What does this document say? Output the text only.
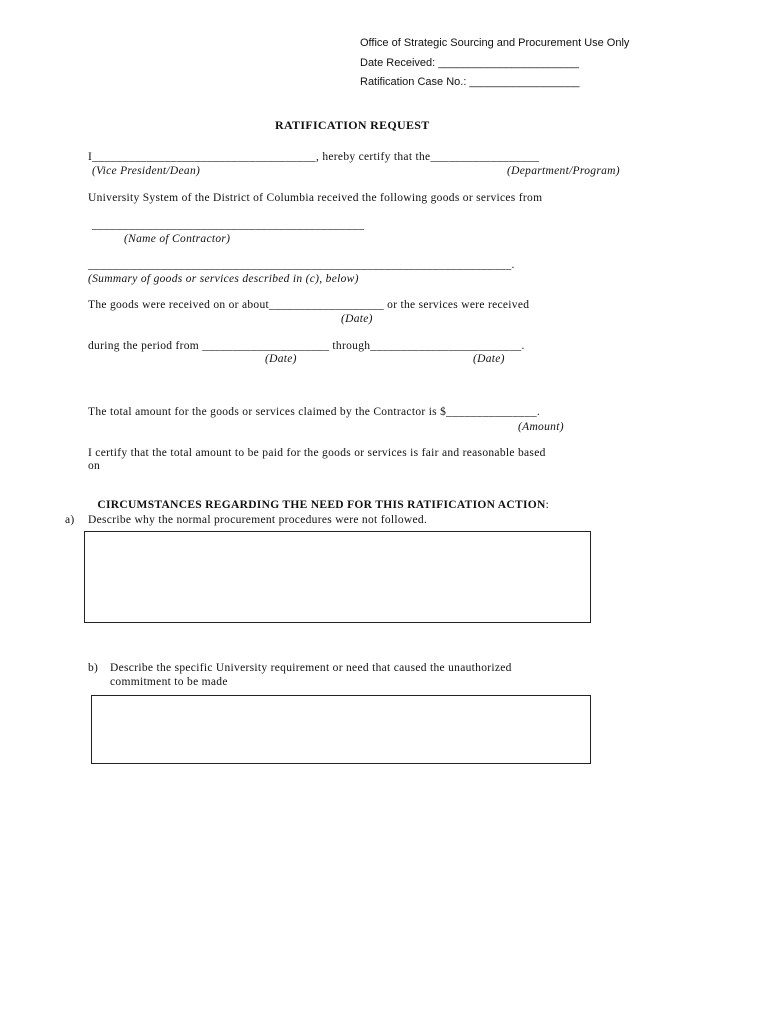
Office of Strategic Sourcing and Procurement Use Only
Date Received: _______________________
Ratification Case No.: __________________
RATIFICATION REQUEST
I_____________________________________, hereby certify that the__________________
(Vice President/Dean)	(Department/Program)
University System of the District of Columbia received the following goods or services from
_____________________________________________
(Name of Contractor)
______________________________________________________________________.
(Summary of goods or services described in (c), below)
The goods were received on or about___________________ or the services were received
(Date)
during the period from _____________________ through_________________________.
(Date)	(Date)
The total amount for the goods or services claimed by the Contractor is $_______________.
(Amount)
I certify that the total amount to be paid for the goods or services is fair and reasonable based
on

CIRCUMSTANCES REGARDING THE NEED FOR THIS RATIFICATION ACTION:

a) Describe why the normal procurement procedures were not followed.
b) Describe the specific University requirement or need that caused the unauthorized
commitment to be made
